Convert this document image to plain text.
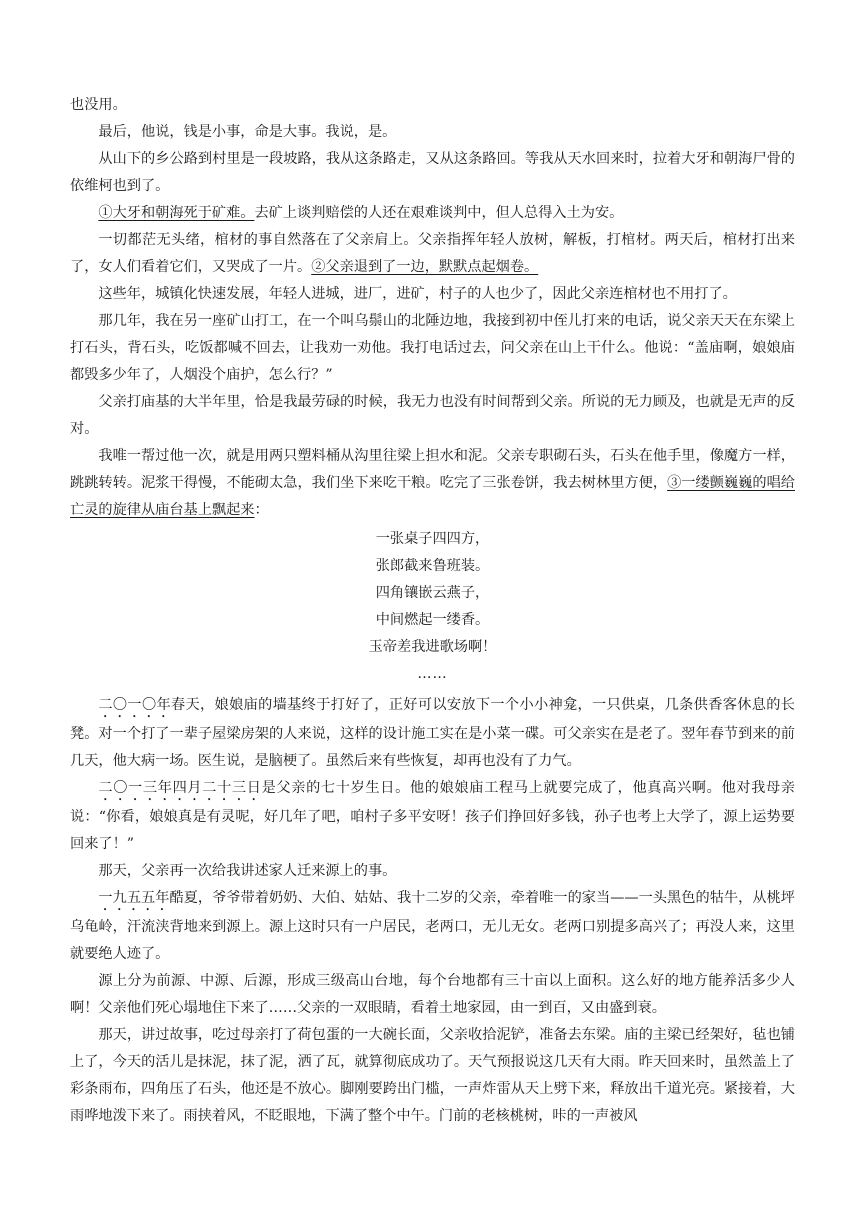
也没用。

最后，他说，钱是小事，命是大事。我说，是。

从山下的乡公路到村里是一段坡路，我从这条路走，又从这条路回。等我从天水回来时，拉着大牙和朝海尸骨的依维柯也到了。

①大牙和朝海死于矿难。去矿上谈判赔偿的人还在艰难谈判中，但人总得入土为安。

一切都茫无头绪，棺材的事自然落在了父亲肩上。父亲指挥年轻人放树，解板，打棺材。两天后，棺材打出来了，女人们看着它们，又哭成了一片。②父亲退到了一边，默默点起烟卷。

这些年，城镇化快速发展，年轻人进城，进厂，进矿，村子的人也少了，因此父亲连棺材也不用打了。

那几年，我在另一座矿山打工，在一个叫乌鬃山的北陲边地，我接到初中侄儿打来的电话，说父亲天天在东梁上打石头，背石头，吃饭都喊不回去，让我劝一劝他。我打电话过去，问父亲在山上干什么。他说：“盖庙啊，娘娘庙都毁多少年了，人烟没个庙护，怎么行？”

父亲打庙基的大半年里，恰是我最劳碌的时候，我无力也没有时间帮到父亲。所说的无力顾及，也就是无声的反对。

我唯一帮过他一次，就是用两只塑料桶从沟里往梁上担水和泥。父亲专职砌石头，石头在他手里，像魔方一样，跳跳转转。泥浆干得慢，不能砌太急，我们坐下来吃干粮。吃完了三张卷饼，我去树林里方便，③一缕颤巍巍的唱给亡灵的旋律从庙台基上飘起来：

一张桌子四四方，
张郎截来鲁班装。
四角镶嵌云燕子，
中间燃起一缕香。
玉帝差我进歌场啊！
……

二〇一〇年春天，娘娘庙的墙基终于打好了，正好可以安放下一个小小神龛，一只供桌，几条供香客休息的长凳。对一个打了一辈子屋梁房架的人来说，这样的设计施工实在是小菜一碟。可父亲实在是老了。翌年春节到来的前几天，他大病一场。医生说，是脑梗了。虽然后来有些恢复，却再也没有了力气。

二〇一三年四月二十三日是父亲的七十岁生日。他的娘娘庙工程马上就要完成了，他真高兴啊。他对我母亲说：“你看，娘娘真是有灵呢，好几年了吧，咱村子多平安呀！孩子们挣回好多钱，孙子也考上大学了，源上运势要回来了！”

那天，父亲再一次给我讲述家人迁来源上的事。

一九五五年酷夏，爷爷带着奶奶、大伯、姑姑、我十二岁的父亲，牵着唯一的家当——一头黑色的牯牛，从桃坪乌龟岭，汗流浃背地来到源上。源上这时只有一户居民，老两口，无儿无女。老两口别提多高兴了；再没人来，这里就要绝人迹了。

源上分为前源、中源、后源，形成三级高山台地，每个台地都有三十亩以上面积。这么好的地方能养活多少人啊！父亲他们死心塌地住下来了……父亲的一双眼睛，看着土地家园，由一到百，又由盛到衰。

那天，讲过故事，吃过母亲打了荷包蛋的一大碗长面，父亲收拾泥铲，准备去东梁。庙的主梁已经架好，毡也铺上了，今天的活儿是抹泥，抹了泥，洒了瓦，就算彻底成功了。天气预报说这几天有大雨。昨天回来时，虽然盖上了彩条雨布，四角压了石头，他还是不放心。脚刚要跨出门槛，一声炸雷从天上劈下来，释放出千道光亮。紧接着，大雨哗地泼下来了。雨挟着风，不眨眼地，下满了整个中午。门前的老核桃树，咔的一声被风
